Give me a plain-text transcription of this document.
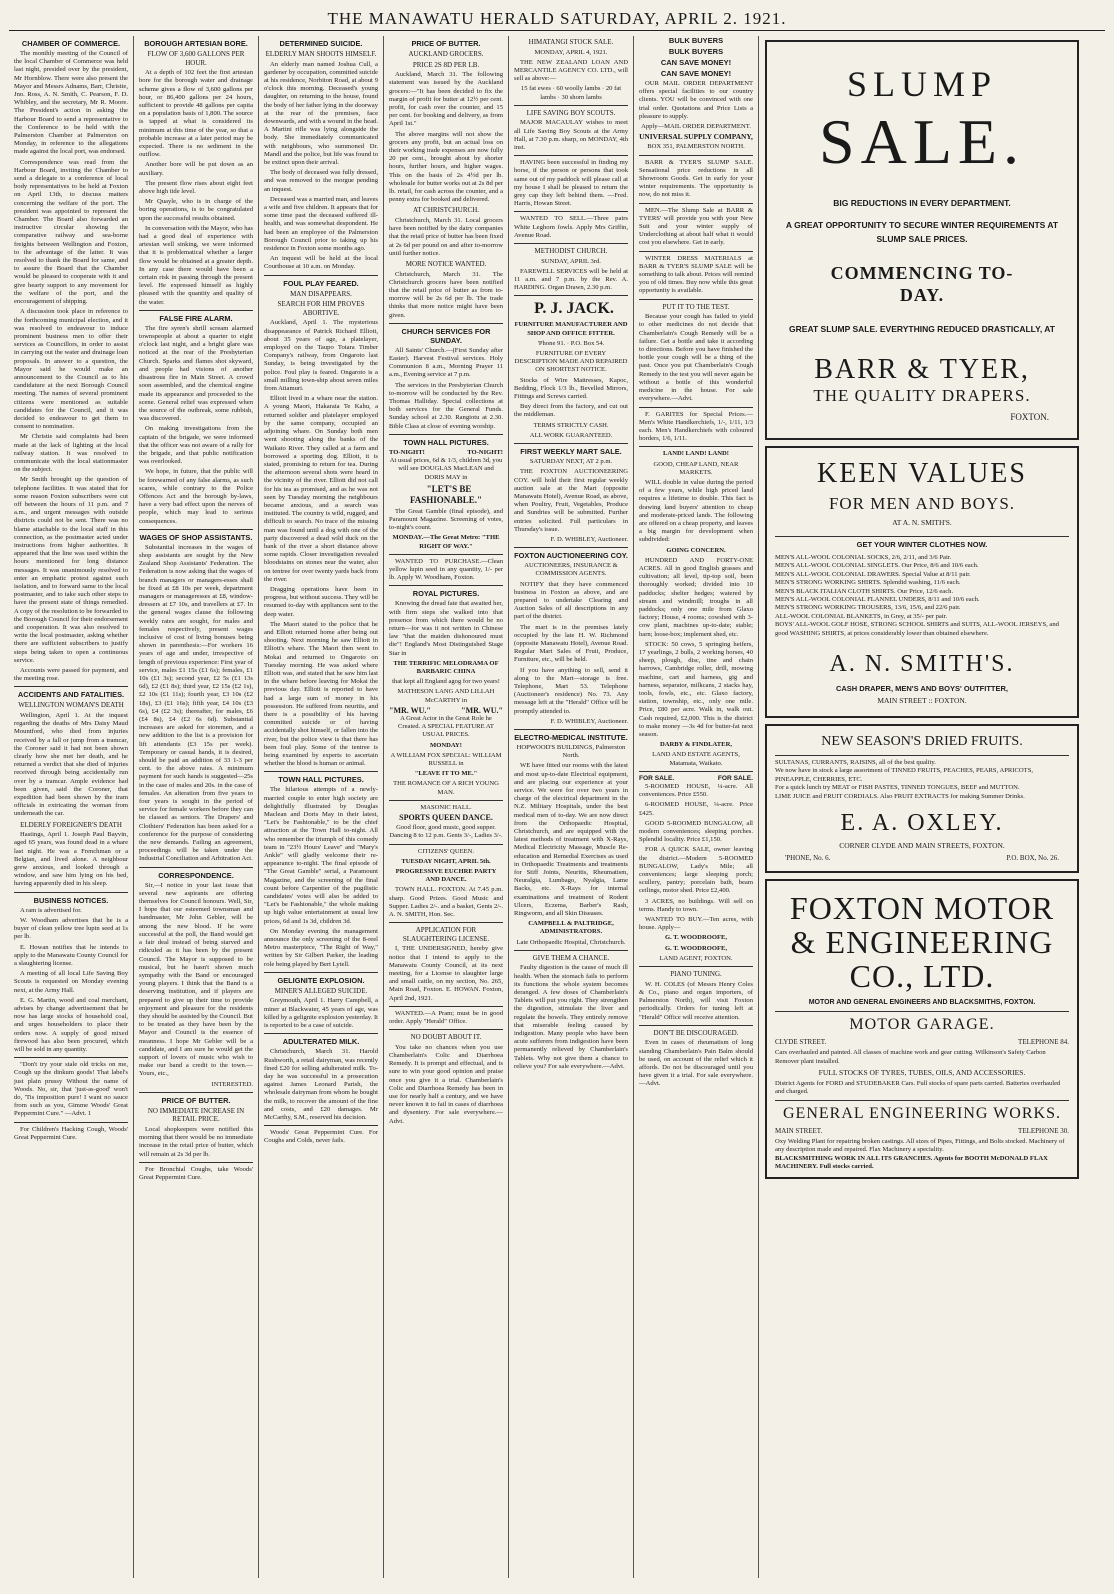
THE MANAWATU HERALD SATURDAY, APRIL 2. 1921.
CHAMBER OF COMMERCE.

The monthly meeting of the Council of the local Chamber of Commerce was held last night, presided over by the president, Mr Hornblow. There were also present the Mayor and Messrs Adnams, Barr, Christie, Jno. Ross, A. N. Smith, C. Pearson, F. D. Whibley, and the secretary, Mr R. Moore. The President's action in asking the Harbour Board to send a representative to the Conference to be held with the Palmerston Chamber at Palmerston on Monday, in reference to the allegations made against the local port, was endorsed.

Correspondence was read from the Harbour Board, inviting the Chamber to send a delegate to a conference of local body representatives to be held at Foxton on April 13th, to discuss matters concerning the welfare of the port. The president was appointed to represent the Chamber. The Board also forwarded an instructive circular showing the comparative railway and sea-borne freights between Wellington and Foxton, to the advantage of the latter. It was resolved to thank the Board for same, and to assure the Board that the Chamber would be pleased to cooperate with it and give hearty support to any movement for the welfare of the port, and the encouragement of shipping.

A discussion took place in reference to the forthcoming municipal election, and it was resolved to endeavour to induce prominent business men to offer their services as Councillors, in order to assist in carrying out the water and drainage loan proposals. In answer to a question, the Mayor said he would make an announcement to the Council as to his candidature at the next Borough Council meeting. The names of several prominent citizens were mentioned as suitable candidates for the Council, and it was decided to endeavour to get them to consent to nomination.

Mr Christie said complaints had been made at the lack of lighting at the local railway station. It was resolved to communicate with the local stationmaster on the subject.

Mr Smith brought up the question of telephone facilities. It was stated that for some reason Foxton subscribers were cut off between the hours of 11 p.m. and 7 a.m., and urgent messages with outside districts could not be sent. There was no blame attachable to the local staff in this connection, as the postmaster acted under instructions from higher authorities. It appeared that the line was used within the hours mentioned for long distance messages. It was unanimously resolved to enter an emphatic protest against such isolation, and to forward same to the local postmaster, and to take such other steps to have the present state of things remedied. A copy of the resolution to be forwarded to the Borough Council for their endorsement and cooperation. It was also resolved to write the local postmaster, asking whether there are sufficient subscribers to justify steps being taken to open a continuous service.

Accounts were passed for payment, and the meeting rose.

ACCIDENTS AND FATALITIES.
WELLINGTON WOMAN'S DEATH

Wellington, April 1. At the inquest regarding the deaths of Mrs Daisy Maud Mountford, who died from injuries received by a fall or jump from a tramcar, the Coroner said it had not been shown clearly how she met her death, and he returned a verdict that she died of injuries received through being accidentally run over by a tramcar. Ample evidence had been given, said the Coroner, that expedition had been shown by the tram officials in extricating the woman from underneath the car.

ELDERLY FOREIGNER'S DEATH

Hastings, April 1. Joseph Paul Bayvin, aged 65 years, was found dead in a whare last night. He was a Frenchman or a Belgian, and lived alone. A neighbour grew anxious, and looked through a window, and saw him lying on his bed, having apparently died in his sleep.

BUSINESS NOTICES.

A ram is advertised for.

W. Woodham advertises that he is a buyer of clean yellow tree lupin seed at 1s per lb.

E. Howan notifies that he intends to apply to the Manawatu County Council for a slaughtering license.

A meeting of all local Life Saving Boy Scouts is requested on Monday evening next, at the Army Hall.

E. G. Martin, wood and coal merchant, advises by change advertisement that he now has large stocks of household coal, and urges householders to place their orders now. A supply of good mixed firewood has also been procured, which will be sold in any quantity.

"Don't try your stale old tricks on me, Cough up the dinkum goods! That label's just plain prussy Without the name of Woods. No, sir, that 'just-as-good' won't do, 'Tis imposition pure! I want no sauce from such as you, Gimme Woods' Great Peppermint Cure." —Advt. 1

For Children's Hacking Cough, Woods' Great Peppermint Cure.

BOROUGH ARTESIAN BORE.
FLOW OF 3,600 GALLONS PER HOUR.

At a depth of 102 feet the first artesian bore for the borough water and drainage scheme gives a flow of 3,600 gallons per hour, or 86,400 gallons per 24 hours, sufficient to provide 48 gallons per capita on a population basis of 1,800. The source is tapped at what is considered its minimum at this time of the year, so that a probable increase at a later period may be expected. There is no sediment in the outflow.

Another bore will be put down as an auxiliary.

The present flow rises about eight feet above high tide level.

Mr Quayle, who is in charge of the boring operations, is to be congratulated upon the successful results obtained.

In conversation with the Mayor, who has had a good deal of experience with artesian well sinking, we were informed that it is problematical whether a larger flow would be obtained at a greater depth. In any case there would have been a certain risk in passing through the present level. He expressed himself as highly pleased with the quantity and quality of the water.

FALSE FIRE ALARM.

The fire syren's shrill scream alarmed townspeople at about a quarter to eight o'clock last night, and a bright glare was noticed at the rear of the Presbyterian Church. Sparks and flames shot skyward, and people had visions of another disastrous fire in Main Street. A crowd soon assembled, and the chemical engine made its appearance and proceeded to the scene. General relief was expressed when the source of the outbreak, some rubbish, was discovered.

On making investigations from the captain of the brigade, we were informed that the officer was not aware of a rally for the brigade, and that public notification was overlooked.

We hope, in future, that the public will be forewarned of any false alarms, as such scares, while contrary to the Police Offences Act and the borough by-laws, have a very bad effect upon the nerves of people, which may lead to serious consequences.

WAGES OF SHOP ASSISTANTS.

Substantial increases in the wages of shop assistants are sought by the New Zealand Shop Assistants' Federation. The Federation is now asking that the wages of branch managers or managers-esses shall be fixed at £8 10s per week, department managers or manageresses at £8, window-dressers at £7 10s, and travellers at £7. In the general wages clause the following weekly rates are sought, for males and females respectively, present wages inclusive of cost of living bonuses being shown in parenthesis:—For workers 16 years of age and under, irrespective of length of previous experience: First year of service, males £1 15s (£1 6s); females, £1 10s (£1 3s); second year, £2 5s (£1 13s 6d), £2 (£1 8s); third year, £2 15s (£2 1s), £2 10s (£1 11s); fourth year, £3 10s (£2 18s), £3 (£1 16s); fifth year, £4 10s (£3 6s), £4 (£2 3s); thereafter, for males, £6 (£4 8s), £4 (£2 6s 6d). Substantial increases are asked for storemen, and a new addition to the list is a provision for lift attendants (£3 15s per week). Temporary or casual hands, it is desired, should be paid an addition of 33 1-3 per cent. to the above rates. A minimum payment for such hands is suggested—25s in the case of males and 20s. in the case of females. An alteration from five years to four years is sought in the period of service for female workers before they can be classed as seniors. The Drapers' and Clothiers' Federation has been asked for a conference for the purpose of considering the new demands. Failing an agreement, proceedings will be taken under the Industrial Conciliation and Arbitration Act.

CORRESPONDENCE.

Sir,—I notice in your last issue that several new aspirants are offering themselves for Council honours. Well, Sir, I hope that our esteemed townsman and bandmaster, Mr John Gebler, will be among the new blood. If he were successful at the poll, the Band would get a fair deal instead of being starved and ridiculed as it has been by the present Council. The Mayor is supposed to be musical, but he hasn't shown much sympathy with the Band or encouraged young players. I think that the Band is a deserving institution, and if players are prepared to give up their time to provide enjoyment and pleasure for the residents they should be assisted by the Council. But to be treated as they have been by the Mayor and Council is the essence of meanness. I hope Mr Gebler will be a candidate, and I am sure he would get the support of lovers of music who wish to make our band a credit to the town.—Yours, etc.,

INTERESTED.

PRICE OF BUTTER.
NO IMMEDIATE INCREASE IN RETAIL PRICE.

Local shopkeepers were notified this morning that there would be no immediate increase in the retail price of butter, which will remain at 2s 3d per lb.

For Bronchial Coughs, take Woods' Great Peppermint Cure.

DETERMINED SUICIDE.
ELDERLY MAN SHOOTS HIMSELF.

An elderly man named Joshua Cull, a gardener by occupation, committed suicide at his residence, Norbiton Road, at about 9 o'clock this morning. Deceased's young daughter, on returning to the house, found the body of her father lying in the doorway at the rear of the premises, face downwards, and with a wound in the head. A Martini rifle was lying alongside the body. She immediately communicated with neighbours, who summoned Dr. Mandl and the police, but life was found to be extinct upon their arrival.

The body of deceased was fully dressed, and was removed to the morgue pending an inquest.

Deceased was a married man, and leaves a wife and five children. It appears that for some time past the deceased suffered ill-health, and was somewhat despondent. He had been an employee of the Palmerston Borough Council prior to taking up his residence in Foxton some months ago.

An inquest will be held at the local Courthouse at 10 a.m. on Monday.

FOUL PLAY FEARED.
MAN DISAPPEARS.
SEARCH FOR HIM PROVES ABORTIVE.

Auckland, April 1. The mysterious disappearance of Patrick Richard Elliott, about 35 years of age, a platelayer, employed on the Taupo Totara Timber Company's railway, from Ongaroto last Sunday, is being investigated by the police. Foul play is feared. Ongaroto is a small milling town-ship about seven miles from Atiamuri.

Elliott lived in a whare near the station. A young Maori, Hakaraia Te Kahu, a returned soldier and platelayer employed by the same company, occupied an adjoining whare. On Sunday both men went shooting along the banks of the Waikato River. They called at a farm and borrowed a sporting dog. Elliott, it is stated, promising to return for tea. During the afternoon several shots were heard in the vicinity of the river. Elliott did not call for his tea as promised, and as he was not seen by Tuesday morning the neighbours became anxious, and a search was instituted. The country is wild, rugged, and difficult to search. No trace of the missing man was found until a dog with one of the party discovered a dead wild duck on the bank of the river a short distance above some rapids. Closer investigation revealed bloodstains on stones near the water, also on tentree for over twenty yards back from the river.

Dragging operations have been in progress, but without success. They will be resumed to-day with appliances sent to the deep water.

The Maori stated to the police that he and Elliott returned home after being out shooting. Next morning he saw Elliott in Elliott's whare. The Maori then went to Mokai and returned to Ongaroto on Tuesday morning. He was asked where Elliott was, and stated that he saw him last in the whare before leaving for Mokai the previous day. Elliott is reported to have had a large sum of money in his possession. He suffered from neuritis, and there is a possibility of his having committed suicide or of having accidentally shot himself, or fallen into the river, but the police view is that there has been foul play. Some of the tentree is being examined by experts to ascertain whether the blood is human or animal.

TOWN HALL PICTURES.

The hilarious attempts of a newly-married couple to enter high society are delightfully illustrated by Douglas Maclean and Doris May in their latest, "Let's be Fashionable," to be the chief attraction at the Town Hall to-night. All who remember the triumph of this comedy team in "23½ Hours' Leave" and "Mary's Ankle" will gladly welcome their re-appearance to-night. The final episode of "The Great Gamble" serial, a Paramount Magazine, and the screening of the final count before Carpentier of the pugilistic candidates' votes will also be added to "Let's be Fashionable," the whole making up high value entertainment at usual low prices, 6d and 1s 3d, children 3d.

On Monday evening the management announce the only screening of the 8-reel Metro masterpiece, "The Right of Way," written by Sir Gilbert Parker, the leading role being played by Bert Lytell.

GELIGNITE EXPLOSION.
MINER'S ALLEGED SUICIDE.

Greymouth, April 1. Harry Campbell, a miner at Blackwater, 45 years of age, was killed by a gelignite explosion yesterday. It is reported to be a case of suicide.

ADULTERATED MILK.

Christchurch, March 31. Harold Rushworth, a retail dairyman, was recently fined £20 for selling adulterated milk. To-day he was successful in a prosecution against James Leonard Parish, the wholesale dairyman from whom he bought the milk, to recover the amount of the fine and costs, and £20 damages. Mr McCarthy, S.M., reserved his decision.

Woods' Great Peppermint Cure. For Coughs and Colds, never fails.

PRICE OF BUTTER.
AUCKLAND GROCERS.
PRICE 2S 8D PER LB.

Auckland, March 31. The following statement was issued by the Auckland grocers:—"It has been decided to fix the margin of profit for butter at 12½ per cent. profit, for cash over the counter, and 15 per cent. for booking and delivery, as from April 1st."

The above margins will not show the grocers any profit, but an actual loss on their working trade expenses are now fully 20 per cent., brought about by shorter hours, further hours, and higher wages. This on the basis of 2s 4½d per lb. wholesale for butter works out at 2s 8d per lb. retail, for cash across the counter, and a penny extra for booked and delivered.

AT CHRISTCHURCH.

Christchurch, March 31. Local grocers have been notified by the dairy companies that the retail price of butter has been fixed at 2s 6d per pound on and after to-morrow until further notice.

MORE NOTICE WANTED.

Christchurch, March 31. The Christchurch grocers have been notified that the retail price of butter as from to-morrow will be 2s 6d per lb. The trade thinks that more notice might have been given.

CHURCH SERVICES FOR SUNDAY.

All Saints' Church.—(First Sunday after Easter). Harvest Festival services. Holy Communion 8 a.m., Morning Prayer 11 a.m., Evening service at 7 p.m.

The services in the Presbyterian Church to-morrow will be conducted by the Rev. Thomas Halliday. Special collections at both services for the General Funds. Sunday school at 2.30. Rangiotu at 2.30. Bible Class at close of evening worship.

TOWN HALL PICTURES.
TO-NIGHT!	TO-NIGHT!

At usual prices, 6d & 1/3, children 3d, you will see DOUGLAS MacLEAN and DORIS MAY in

"LET'S BE FASHIONABLE."

The Great Gamble (final episode), and Paramount Magazine. Screening of votes, to-night's count.

MONDAY.—The Great Metro: "THE RIGHT OF WAY."

WANTED TO PURCHASE.—Clean yellow lupin seed in any quantity, 1/- per lb. Apply W. Woodham, Foxton.

ROYAL PICTURES.

Knowing the dread fate that awaited her, with firm steps she walked into that presence from which there would be no return—for was it not written in Chinese law "that the maiden dishonoured must die"! England's Most Distinguished Stage Star in

THE TERRIFIC MELODRAMA OF BARBARIC CHINA

that kept all England agog for two years!

MATHESON LANG AND LILLAH McCARTHY in

"MR. WU."	"MR. WU."

A Great Actor in the Great Role he Created. A SPECIAL FEATURE AT USUAL PRICES.

MONDAY!

A WILLIAM FOX SPECIAL: WILLIAM RUSSELL in

"LEAVE IT TO ME."

THE ROMANCE OF A RICH YOUNG MAN.

MASONIC HALL.

SPORTS QUEEN DANCE.

Good floor, good music, good supper. Dancing 8 to 12 p.m. Gents 3/-, Ladies 3/-.

CITIZENS' QUEEN.

TUESDAY NIGHT, APRIL 5th.

PROGRESSIVE EUCHRE PARTY AND DANCE.

TOWN HALL. FOXTON. At 7.45 p.m. sharp. Good Prizes. Good Music and Supper. Ladies 2/-. and a basket, Gents 2/-. A. N. SMITH, Hon. Sec.

APPLICATION FOR SLAUGHTERING LICENSE.

I, THE UNDERSIGNED, hereby give notice that I intend to apply to the Manawatu County Council, at its next meeting, for a License to slaughter large and small cattle, on my section, No. 265, Main Road, Foxton. E. HOWAN. Foxton, April 2nd, 1921.

WANTED.—A Pram; must be in good order. Apply "Herald" Office.

NO DOUBT ABOUT IT.

You take no chances when you use Chamberlain's Colic and Diarrhoea Remedy. It is prompt and effectual, and is sure to win your good opinion and praise once you give it a trial. Chamberlain's Colic and Diarrhoea Remedy has been in use for nearly half a century, and we have never known it to fail in cases of diarrhoea and dysentery. For sale everywhere.—Advt.

HIMATANGI STOCK SALE.

MONDAY, APRIL 4, 1921.

THE NEW ZEALAND LOAN AND MERCANTILE AGENCY CO. LTD., will sell as above:—

15 fat ewes · 60 woolly lambs · 20 fat lambs · 30 shorn lambs

LIFE SAVING BOY SCOUTS.

MAJOR MACAULAY wishes to meet all Life Saving Boy Scouts at the Army Hall, at 7.30 p.m. sharp, on MONDAY, 4th inst.

HAVING been successful in finding my horse, if the person or persons that took same out of my paddock will please call at my house I shall be pleased to return the grey cap they left behind them. —Fred. Harris, Howan Street.

WANTED TO SELL.—Three pairs White Leghorn fowls. Apply Mrs Griffin, Avenue Road.

METHODIST CHURCH.

SUNDAY, APRIL 3rd.

FAREWELL SERVICES will be held at 11 a.m. and 7 p.m. by the Rev. A. HARDING. Organ Drawn, 2.30 p.m.

P. J. JACK.

FURNITURE MANUFACTURER AND SHOP AND OFFICE FITTER.

'Phone 91. · P.O. Box 54.

FURNITURE OF EVERY DESCRIPTION MADE AND REPAIRED ON SHORTEST NOTICE.

Stocks of Wire Mattresses, Kapoc, Bedding, Flock 1/3 lb., Bevelled Mirrors, Fittings and Screws carried.

Buy direct from the factory, and cut out the middleman.

TERMS STRICTLY CASH.

ALL WORK GUARANTEED.

FIRST WEEKLY MART SALE.

SATURDAY NEXT, AT 2 p.m.

THE FOXTON AUCTIONEERING COY. will hold their first regular weekly auction sale at the Mart (opposite Manawatu Hotel), Avenue Road, as above, when Poultry, Fruit, Vegetables, Produce and Sundries will be submitted. Further entries solicited. Full particulars in Thursday's issue.

F. D. WHIBLEY, Auctioneer.

FOXTON AUCTIONEERING COY.

AUCTIONEERS, INSURANCE & COMMISSION AGENTS.

NOTIFY that they have commenced business in Foxton as above, and are prepared to undertake Clearing and Auction Sales of all descriptions in any part of the district.

The mart is in the premises lately occupied by the late H. W. Richmond (opposite Manawatu Hotel), Avenue Road. Regular Mart Sales of Fruit, Produce, Furniture, etc., will be held.

If you have anything to sell, send it along to the Mart—storage is free. Telephone, Mart 53. Telephone (Auctioneer's residence) No. 73. Any message left at the "Herald" Office will be promptly attended to.

F. D. WHIBLEY, Auctioneer.

ELECTRO-MEDICAL INSTITUTE.

HOPWOOD'S BUILDINGS, Palmerston North.

WE have fitted our rooms with the latest and most up-to-date Electrical equipment, and are placing our experience at your service. We were for over two years in charge of the electrical department in the N.Z. Military Hospitals, under the best medical men of to-day. We are now direct from the Orthopaedic Hospital, Christchurch, and are equipped with the latest methods of treatment with X-Rays, Medical Electricity Massage, Muscle Re-education and Remedial Exercises as used in Orthopaedic Treatments and treatments for Stiff Joints, Neuritis, Rheumatism, Neuralgia, Lumbago, Nyalgia, Lame Backs, etc. X-Rays for internal examinations and treatment of Rodent Ulcers, Eczema, Barber's Rash, Ringworm, and all Skin Diseases.

CAMPBELL & PALTRIDGE, ADMINISTRATORS.

Late Orthopaedic Hospital, Christchurch.

GIVE THEM A CHANCE.

Faulty digestion is the cause of much ill health. When the stomach fails to perform its functions the whole system becomes deranged. A few doses of Chamberlain's Tablets will put you right. They strengthen the digestion, stimulate the liver and regulate the bowels. They entirely remove that miserable feeling caused by indigestion. Many people who have been acute sufferers from indigestion have been permanently relieved by Chamberlain's Tablets. Why not give them a chance to relieve you? For sale everywhere.—Advt.

BULK BUYERS

BULK BUYERS

CAN SAVE MONEY!

CAN SAVE MONEY!

OUR MAIL ORDER DEPARTMENT offers special facilities to our country clients. YOU will be convinced with one trial order. Quotations and Price Lists a pleasure to supply.

Apply—MAIL ORDER DEPARTMENT.

UNIVERSAL SUPPLY COMPANY,

BOX 351, PALMERSTON NORTH.

BARR & TYER'S SLUMP SALE. Sensational price reductions in all Showroom Goods. Get in early for your winter requirements. The opportunity is now, do not miss it.

MEN.—The Slump Sale at BARR & TYERS' will provide you with your New Suit and your winter supply of Underclothing at about half what it would cost you elsewhere. Get in early.

WINTER DRESS MATERIALS at BARR & TYER'S SLUMP SALE will be something to talk about. Prices will remind you of old times. Buy now while this great opportunity is available.

PUT IT TO THE TEST.

Because your cough has failed to yield to other medicines do not decide that Chamberlain's Cough Remedy will be a failure. Get a bottle and take it according to directions. Before you have finished the bottle your cough will be a thing of the past. Once you put Chamberlain's Cough Remedy to the test you will never again be without a bottle of this wonderful medicine in the house. For sale everywhere.—Advt.

F. GARITES for Special Prices.— Men's White Handkerchiefs, 1/-, 1/11, 1/3 each. Men's Handkerchiefs with coloured borders, 1/6, 1/11.

LAND! LAND! LAND!

GOOD, CHEAP LAND, NEAR MARKETS.

WILL double in value during the period of a few years, while high priced land requires a lifetime to double. This fact is drawing land buyers' attention to cheap and moderate-priced lands. The following are offered on a cheap property, and leaves a big margin for development when subdivided:

GOING CONCERN.

HUNDRED AND FORTY-ONE ACRES. All in good English grasses and cultivation; all level, tip-top soil, been thoroughly worked; divided into 10 paddocks; shelter hedges; watered by stream and windmill; troughs in all paddocks; only one mile from Glaxo factory; House, 4 rooms; cowshed with 3-cow plant, machines up-to-date; stable; barn; loose-box; implement shed, etc.

STOCK: 50 cows, 5 springing heifers, 17 yearlings, 2 bulls, 2 working horses, 40 sheep, plough, disc, tine and chain harrows, Cambridge roller, drill, mowing machine, cart and harness, gig and harness, separator, milkcans, 2 stacks hay, tools, fowls, etc., etc. Glaxo factory, station, township, etc., only one mile. Price, £80 per acre. Walk in, walk out. Cash required, £2,000. This is the district to make money —3s 4d for butter-fat next season.

DARBY & FINDLATER,

LAND AND ESTATE AGENTS, Matamata, Waikato.

FOR SALE.	FOR SALE.

5-ROOMED HOUSE, ¼-acre. All conveniences. Price £550.

6-ROOMED HOUSE, ¼-acre. Price £425.

GOOD 5-ROOMED BUNGALOW, all modern conveniences; sleeping porches. Splendid locality. Price £1,150.

FOR A QUICK SALE, owner leaving the district.—Modern 5-ROOMED BUNGALOW, Lady's Mile; all conveniences; large sleeping porch; scullery, pantry; porcelain bath, beam ceilings, motor shed. Price £2,400.

3 ACRES, no buildings. Will sell on terms. Handy to town.

WANTED TO BUY.—Ten acres, with house. Apply—

G. T. WOODROOFE,

G. T. WOODROOFE,

LAND AGENT, FOXTON.

PIANO TUNING.

W. H. COLES (of Messrs Henry Coles & Co., piano and organ importers, of Palmerston North), will visit Foxton periodically. Orders for tuning left at "Herald" Office will receive attention.

DON'T BE DISCOURAGED.

Even in cases of rheumatism of long standing Chamberlain's Pain Balm should be used, on account of the relief which it affords. Do not be discouraged until you have given it a trial. For sale everywhere.—Advt.

SLUMP
SALE.
BIG REDUCTIONS IN EVERY DEPARTMENT.
A GREAT OPPORTUNITY TO SECURE WINTER REQUIREMENTS AT SLUMP SALE PRICES.
COMMENCING TO-DAY.
GREAT SLUMP SALE. EVERYTHING REDUCED DRASTICALLY, AT
BARR & TYER,
THE QUALITY DRAPERS.
FOXTON.
KEEN VALUES
FOR MEN AND BOYS.
AT A. N. SMITH'S.
GET YOUR WINTER CLOTHES NOW.
MEN'S ALL-WOOL COLONIAL SOCKS, 2/6, 2/11, and 3/6 Pair.
MEN'S ALL-WOOL COLONIAL SINGLETS. Our Price, 8/6 and 10/6 each.
MEN'S ALL-WOOL COLONIAL DRAWERS. Special Value at 8/11 pair.
MEN'S STRONG WORKING SHIRTS. Splendid washing, 11/6 each.
MEN'S BLACK ITALIAN CLOTH SHIRTS. Our Price, 12/6 each.
MEN'S ALL-WOOL COLONIAL FLANNEL UNDERS, 8/11 and 10/6 each.
MEN'S STRONG WORKING TROUSERS, 13/6, 15/6, and 22/6 pair.
ALL-WOOL COLONIAL BLANKETS, in Grey, at 35/- per pair.
BOYS' ALL-WOOL GOLF HOSE, STRONG SCHOOL SHIRTS and SUITS, ALL-WOOL JERSEYS, and good WASHING SHIRTS, at prices considerably lower than obtained elsewhere.
A. N. SMITH'S.
CASH DRAPER, MEN'S AND BOYS' OUTFITTER,
MAIN STREET :: FOXTON.
NEW SEASON'S DRIED FRUITS.
SULTANAS, CURRANTS, RAISINS, all of the best quality.
We now have in stock a large assortment of TINNED FRUITS, PEACHES, PEARS, APRICOTS, PINEAPPLE, CHERRIES, ETC.
For a quick lunch try MEAT or FISH PASTES, TINNED TONGUES, BEEF and MUTTON.
LIME JUICE and FRUIT CORDIALS. Also FRUIT EXTRACTS for making Summer Drinks.
E. A. OXLEY.
CORNER CLYDE AND MAIN STREETS, FOXTON.
'PHONE, No. 6.	P.O. BOX, No. 26.
FOXTON MOTOR & ENGINEERING CO., LTD.
MOTOR AND GENERAL ENGINEERS AND BLACKSMITHS, FOXTON.
MOTOR GARAGE.
CLYDE STREET.	TELEPHONE 84.
Cars overhauled and painted. All classes of machine work and gear cutting. Wilkinson's Safety Carbon Remover plant installed.
FULL STOCKS OF TYRES, TUBES, OILS, AND ACCESSORIES.
District Agents for FORD and STUDEBAKER Cars. Full stocks of spare parts carried. Batteries overhauled and charged.
GENERAL ENGINEERING WORKS.
MAIN STREET.	TELEPHONE 30.
Oxy Welding Plant for repairing broken castings. All sizes of Pipes, Fittings, and Bolts stocked. Machinery of any description made and repaired. Flax Machinery a speciality.
BLACKSMITHING WORK IN ALL ITS GRANCHES. Agents for BOOTH McDONALD FLAX MACHINERY. Full stocks carried.
